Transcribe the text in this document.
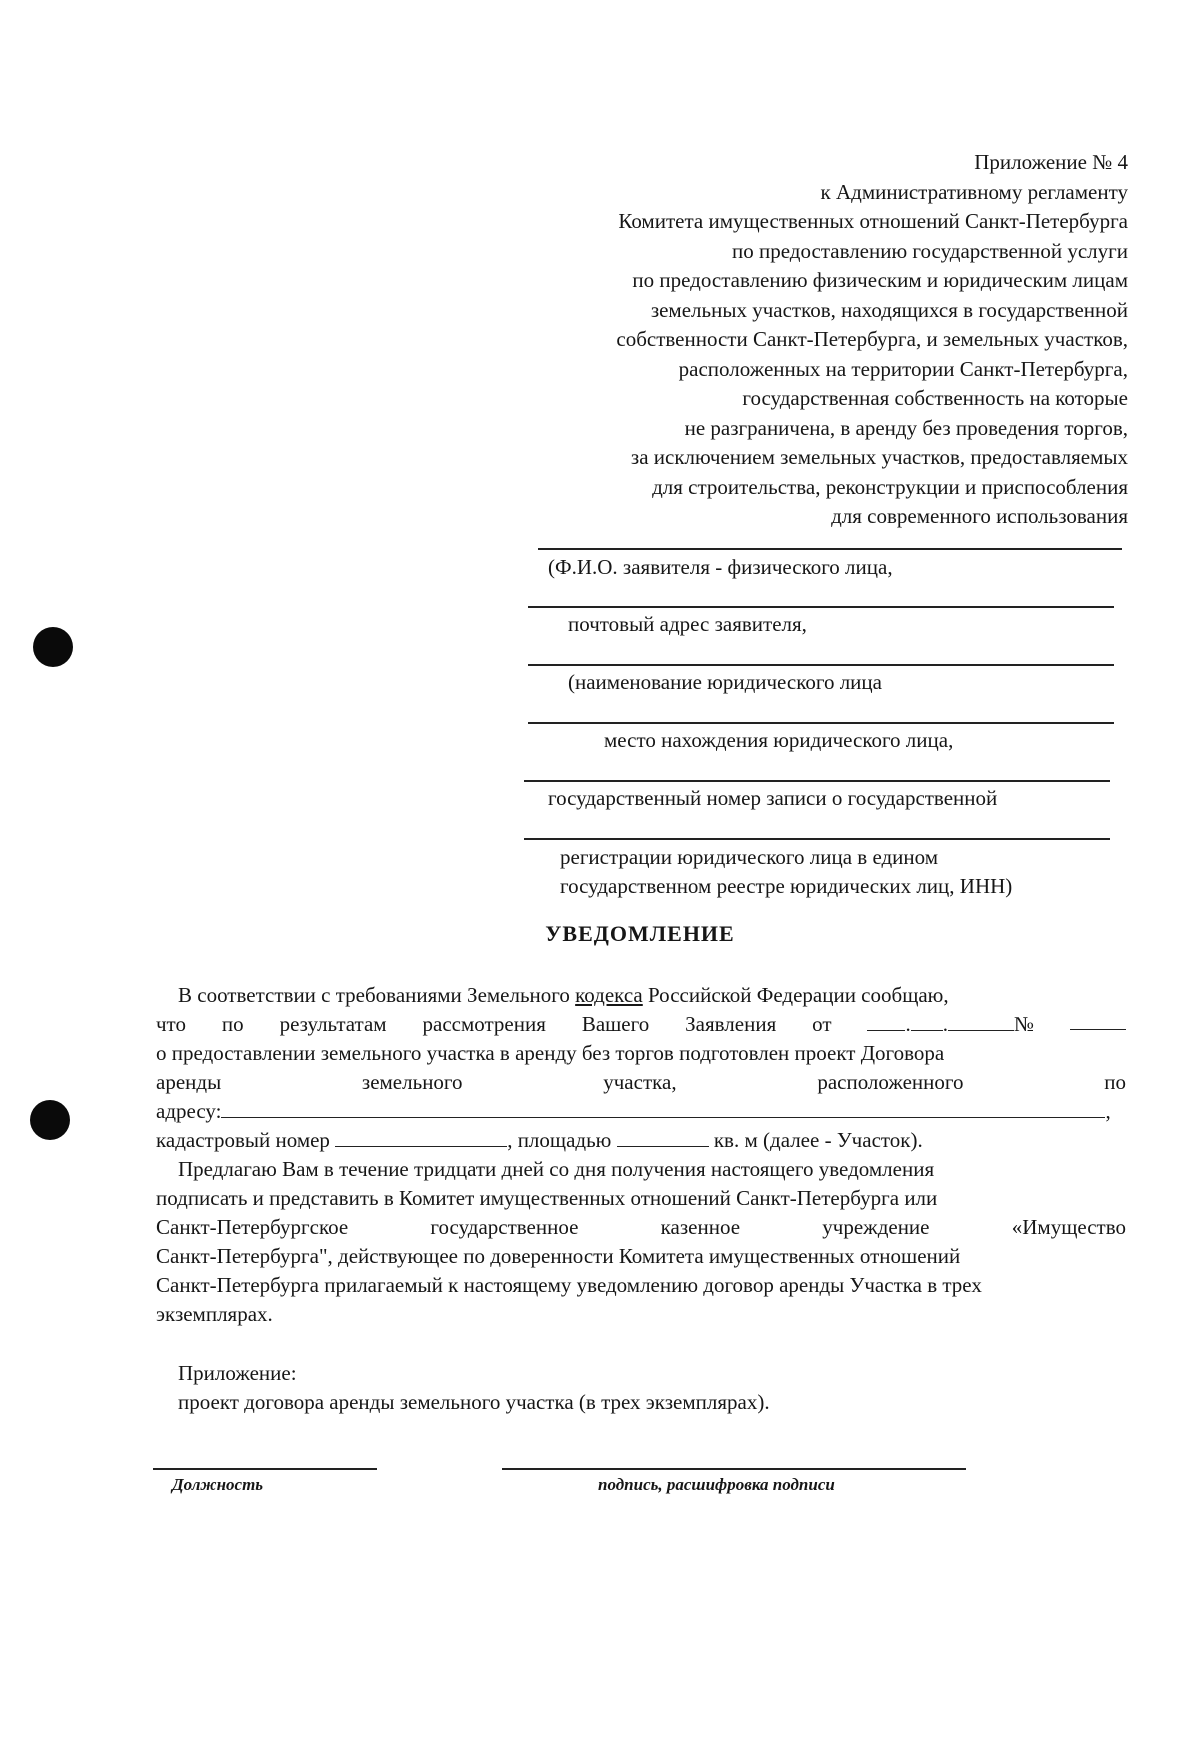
Приложение № 4
к Административному регламенту
Комитета имущественных отношений Санкт-Петербурга
по предоставлению государственной услуги
по предоставлению физическим и юридическим лицам
земельных участков, находящихся в государственной
собственности Санкт-Петербурга, и земельных участков,
расположенных на территории Санкт-Петербурга,
государственная собственность на которые
не разграничена, в аренду без проведения торгов,
за исключением земельных участков, предоставляемых
для строительства, реконструкции и приспособления
для современного использования
(Ф.И.О. заявителя - физического лица,
почтовый адрес заявителя,
(наименование юридического лица
место нахождения юридического лица,
государственный номер записи о государственной
регистрации юридического лица в едином
государственном реестре юридических лиц, ИНН)
УВЕДОМЛЕНИЕ
В соответствии с требованиями Земельного кодекса Российской Федерации сообщаю,
что по результатам рассмотрения Вашего Заявления от	. .	№
о предоставлении земельного участка в аренду без торгов подготовлен проект Договора
аренды	земельного	участка,	расположенного	по
адресу:	,
кадастровый номер	, площадью	кв. м (далее - Участок).
Предлагаю Вам в течение тридцати дней со дня получения настоящего уведомления
подписать и представить в Комитет имущественных отношений Санкт-Петербурга или
Санкт-Петербургское	государственное	казенное	учреждение	«Имущество
Санкт-Петербурга", действующее по доверенности Комитета имущественных отношений
Санкт-Петербурга прилагаемый к настоящему уведомлению договор аренды Участка в трех
экземплярах.
Приложение:
проект договора аренды земельного участка (в трех экземплярах).
Должность	подпись, расшифровка подписи
